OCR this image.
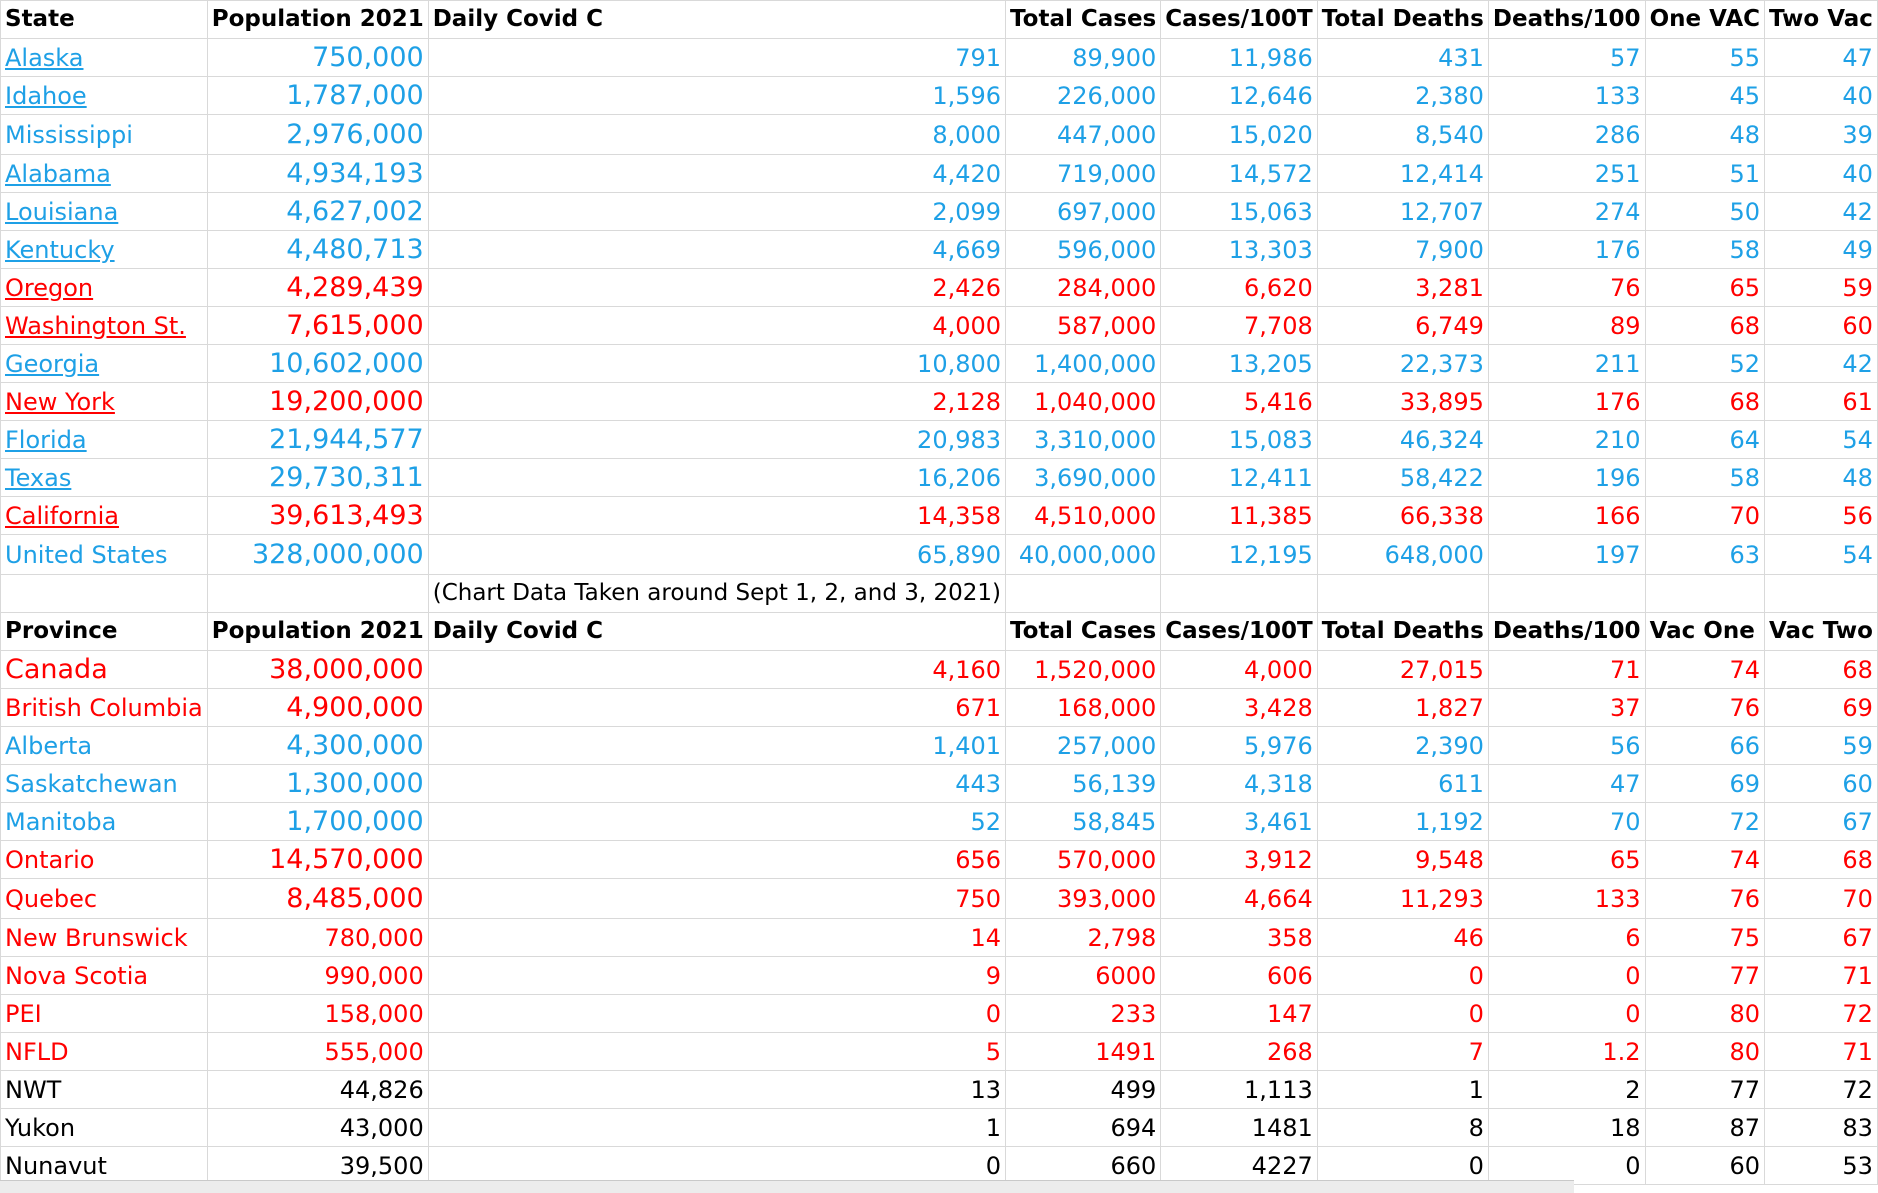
State	Population 2021	Daily Covid C	Total Cases	Cases/100T	Total Deaths	Deaths/100	One VAC	Two Vac
Alaska	750,000	791	89,900	11,986	431	57	55	47
Idahoe	1,787,000	1,596	226,000	12,646	2,380	133	45	40
Mississippi	2,976,000	8,000	447,000	15,020	8,540	286	48	39
Alabama	4,934,193	4,420	719,000	14,572	12,414	251	51	40
Louisiana	4,627,002	2,099	697,000	15,063	12,707	274	50	42
Kentucky	4,480,713	4,669	596,000	13,303	7,900	176	58	49
Oregon	4,289,439	2,426	284,000	6,620	3,281	76	65	59
Washington St.	7,615,000	4,000	587,000	7,708	6,749	89	68	60
Georgia	10,602,000	10,800	1,400,000	13,205	22,373	211	52	42
New York	19,200,000	2,128	1,040,000	5,416	33,895	176	68	61
Florida	21,944,577	20,983	3,310,000	15,083	46,324	210	64	54
Texas	29,730,311	16,206	3,690,000	12,411	58,422	196	58	48
California	39,613,493	14,358	4,510,000	11,385	66,338	166	70	56
United States	328,000,000	65,890	40,000,000	12,195	648,000	197	63	54
		(Chart Data Taken around Sept 1, 2, and 3, 2021)						
Province	Population 2021	Daily Covid C	Total Cases	Cases/100T	Total Deaths	Deaths/100	Vac One	Vac Two
Canada	38,000,000	4,160	1,520,000	4,000	27,015	71	74	68
British Columbia	4,900,000	671	168,000	3,428	1,827	37	76	69
Alberta	4,300,000	1,401	257,000	5,976	2,390	56	66	59
Saskatchewan	1,300,000	443	56,139	4,318	611	47	69	60
Manitoba	1,700,000	52	58,845	3,461	1,192	70	72	67
Ontario	14,570,000	656	570,000	3,912	9,548	65	74	68
Quebec	8,485,000	750	393,000	4,664	11,293	133	76	70
New Brunswick	780,000	14	2,798	358	46	6	75	67
Nova Scotia	990,000	9	6000	606	0	0	77	71
PEI	158,000	0	233	147	0	0	80	72
NFLD	555,000	5	1491	268	7	1.2	80	71
NWT	44,826	13	499	1,113	1	2	77	72
Yukon	43,000	1	694	1481	8	18	87	83
Nunavut	39,500	0	660	4227	0	0	60	53
